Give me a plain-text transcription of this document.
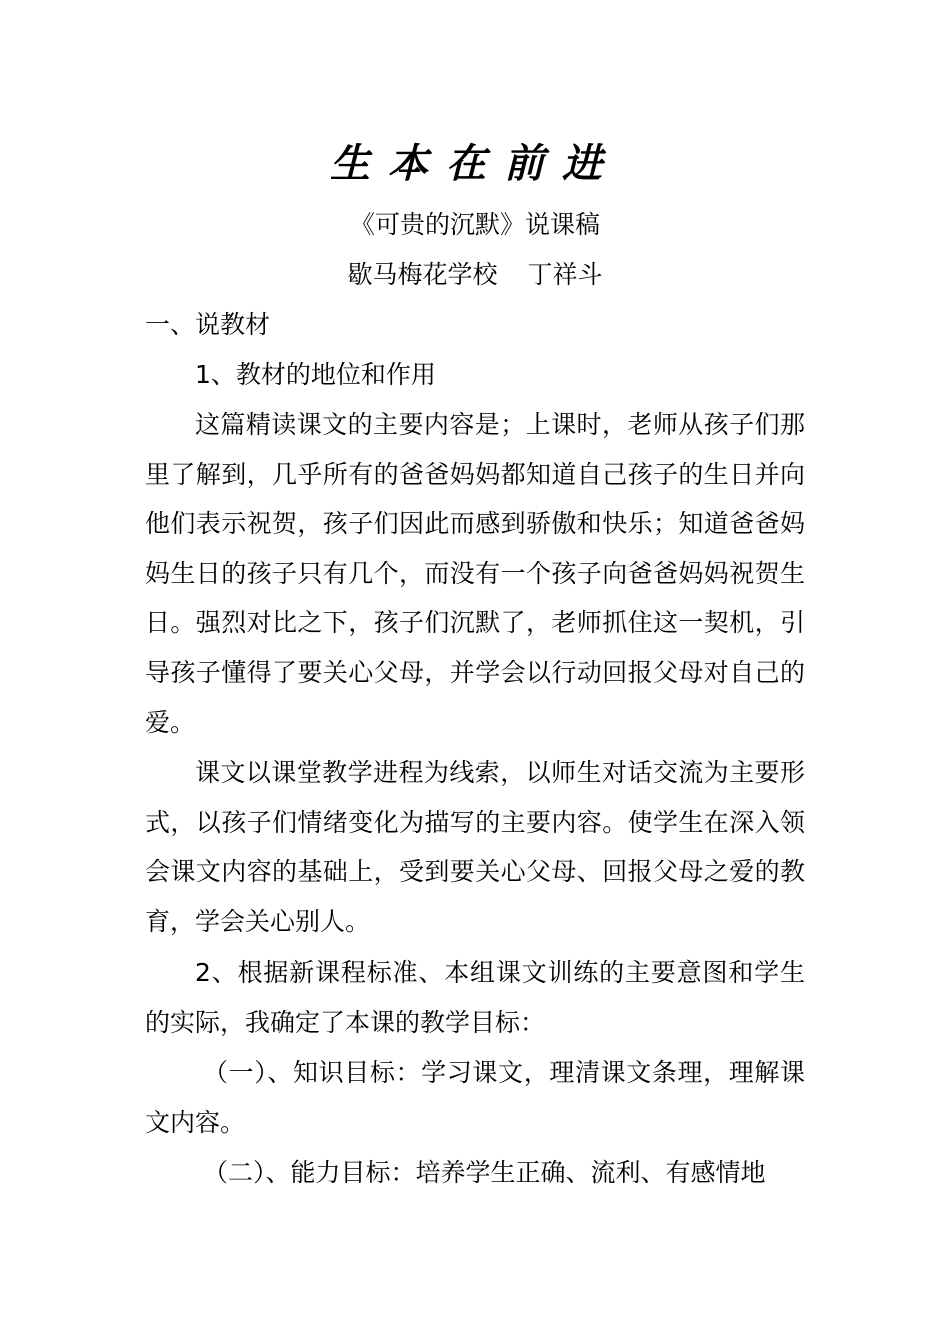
生本在前进
《可贵的沉默》说课稿
歇马梅花学校 丁祥斗
一、说教材
1、教材的地位和作用

这篇精读课文的主要内容是；上课时，老师从孩子们那里了解到，几乎所有的爸爸妈妈都知道自己孩子的生日并向他们表示祝贺，孩子们因此而感到骄傲和快乐；知道爸爸妈妈生日的孩子只有几个，而没有一个孩子向爸爸妈妈祝贺生日。强烈对比之下，孩子们沉默了，老师抓住这一契机，引导孩子懂得了要关心父母，并学会以行动回报父母对自己的爱。

课文以课堂教学进程为线索，以师生对话交流为主要形式，以孩子们情绪变化为描写的主要内容。使学生在深入领会课文内容的基础上，受到要关心父母、回报父母之爱的教育，学会关心别人。

2、根据新课程标准、本组课文训练的主要意图和学生的实际，我确定了本课的教学目标：

（一）、知识目标：学习课文，理清课文条理，理解课文内容。

（二）、能力目标：培养学生正确、流利、有感情地
